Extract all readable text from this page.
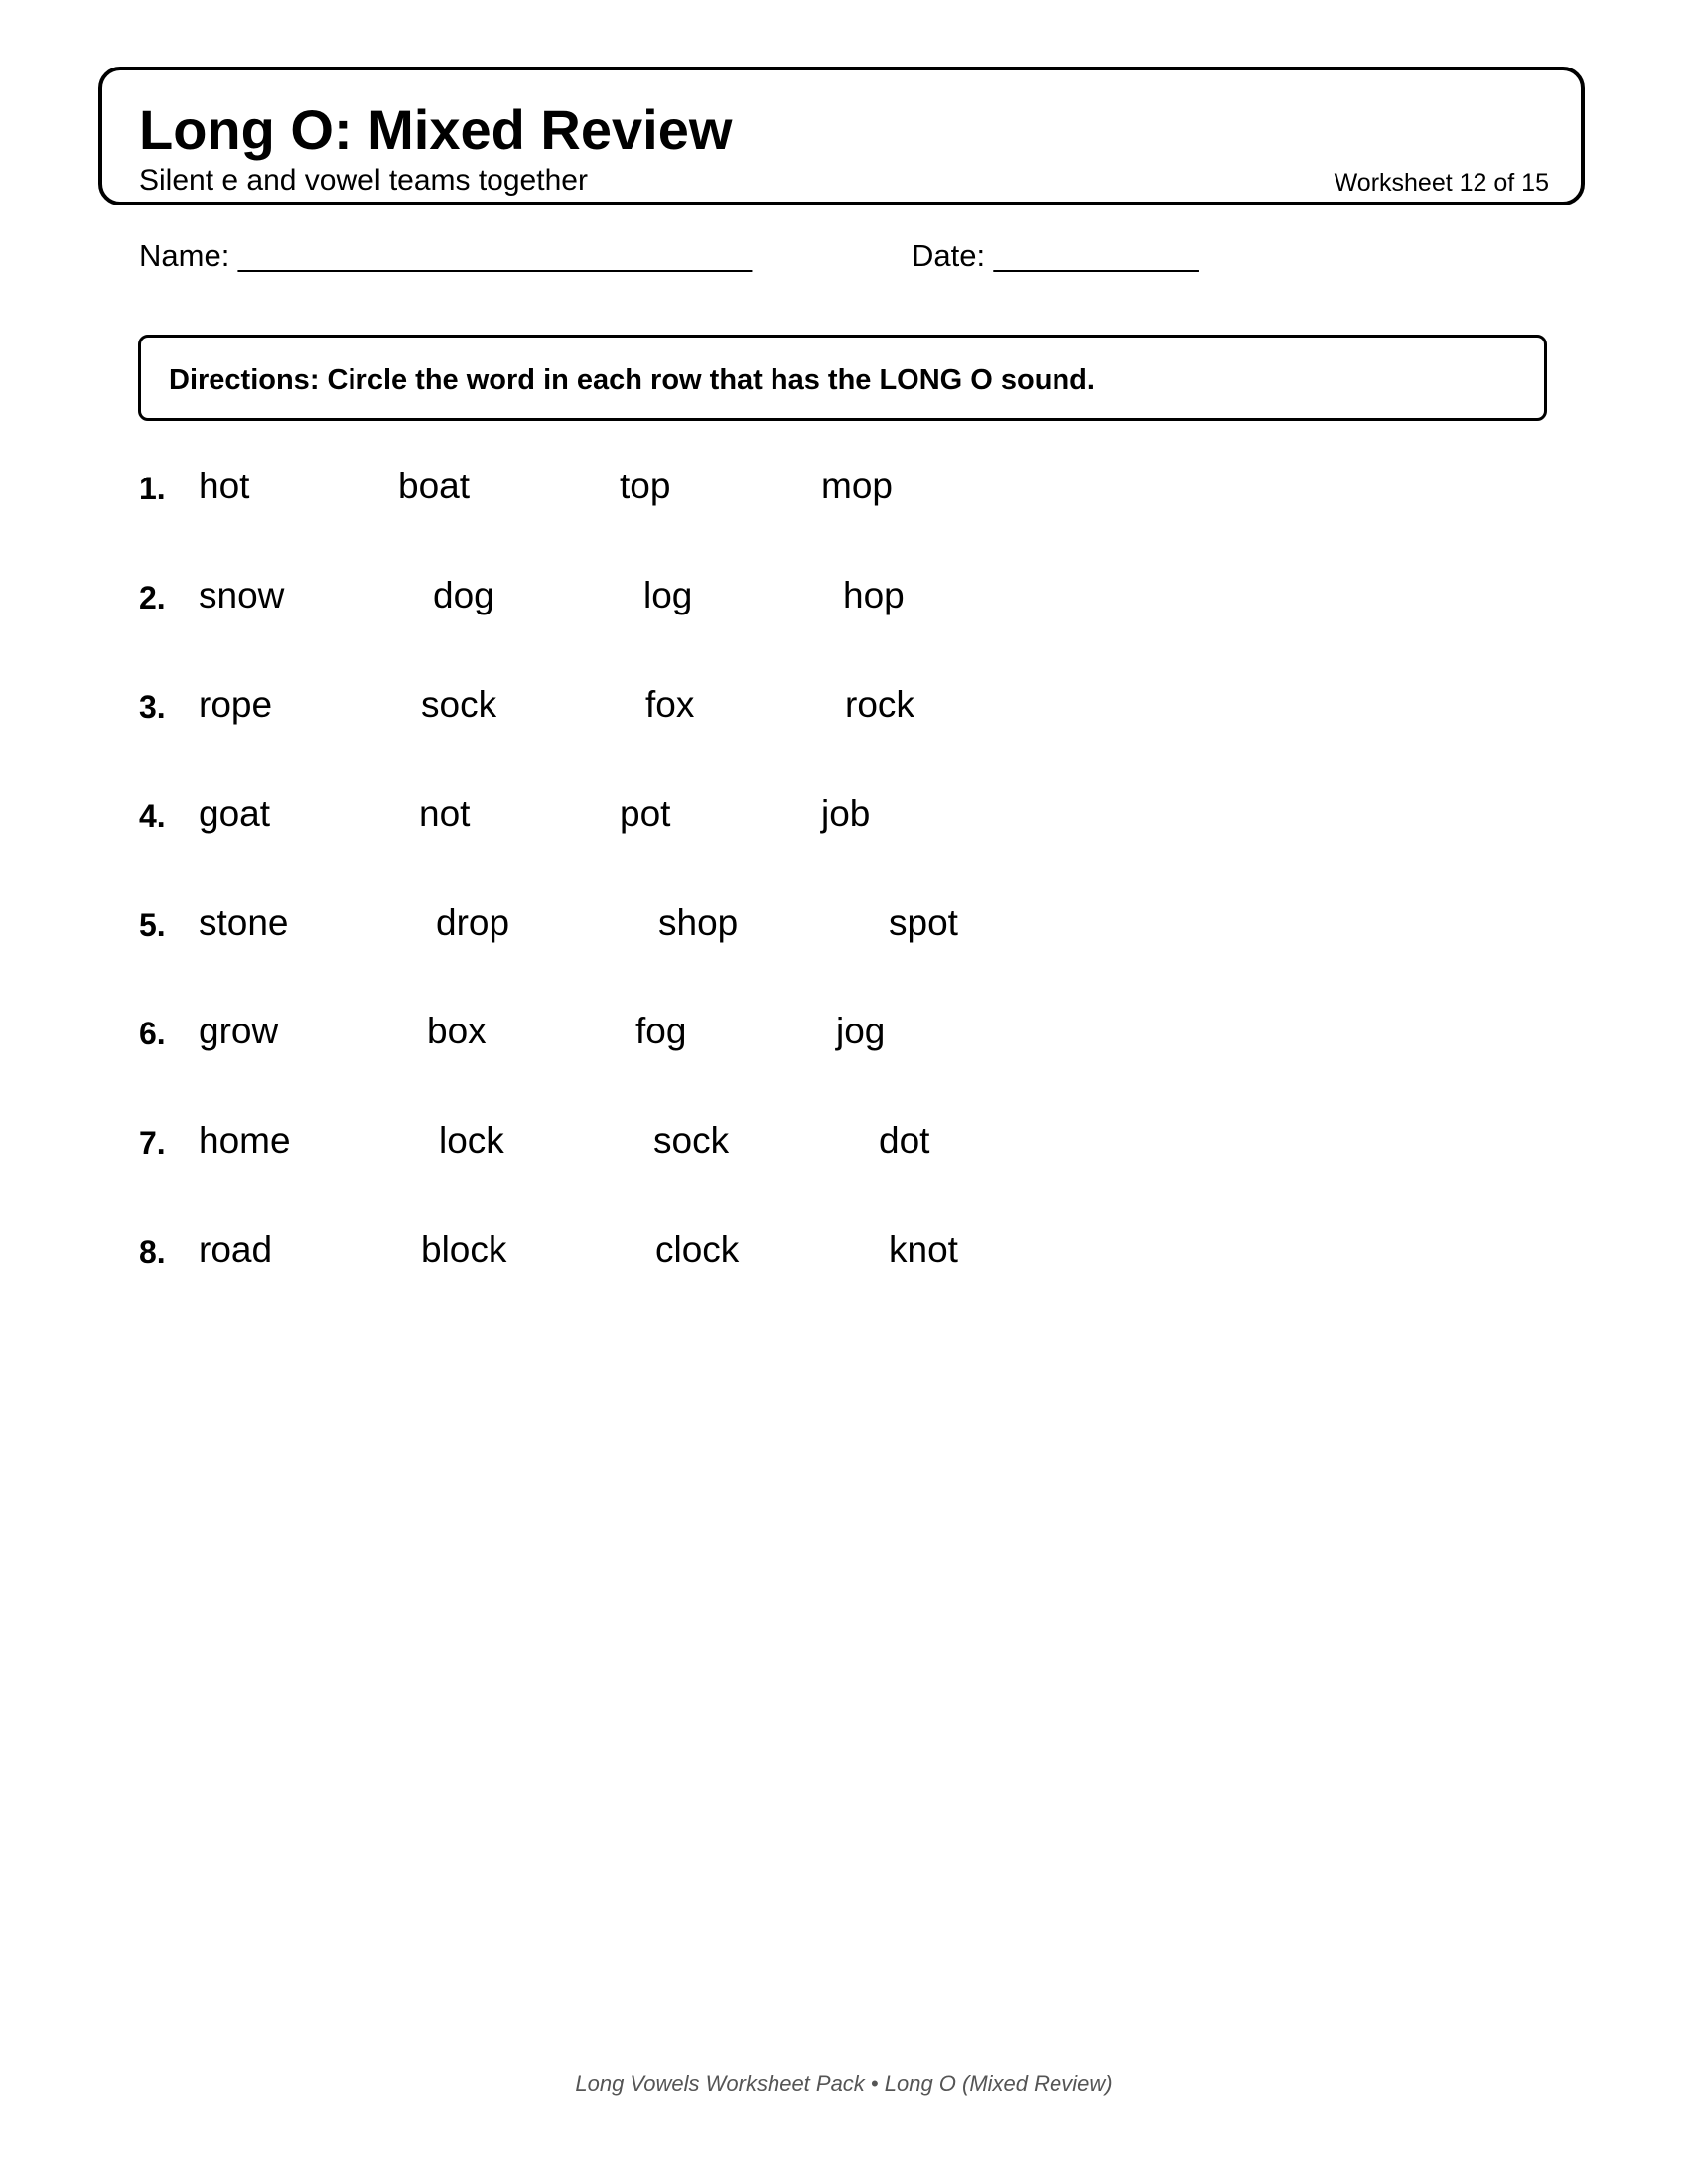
Long O: Mixed Review
Silent e and vowel teams together	Worksheet 12 of 15
Name: ______________________________	Date: ____________
Directions: Circle the word in each row that has the LONG O sound.
1. hot	boat	top	mop
2. snow	dog	log	hop
3. rope	sock	fox	rock
4. goat	not	pot	job
5. stone	drop	shop	spot
6. grow	box	fog	jog
7. home	lock	sock	dot
8. road	block	clock	knot
Long Vowels Worksheet Pack • Long O (Mixed Review)
